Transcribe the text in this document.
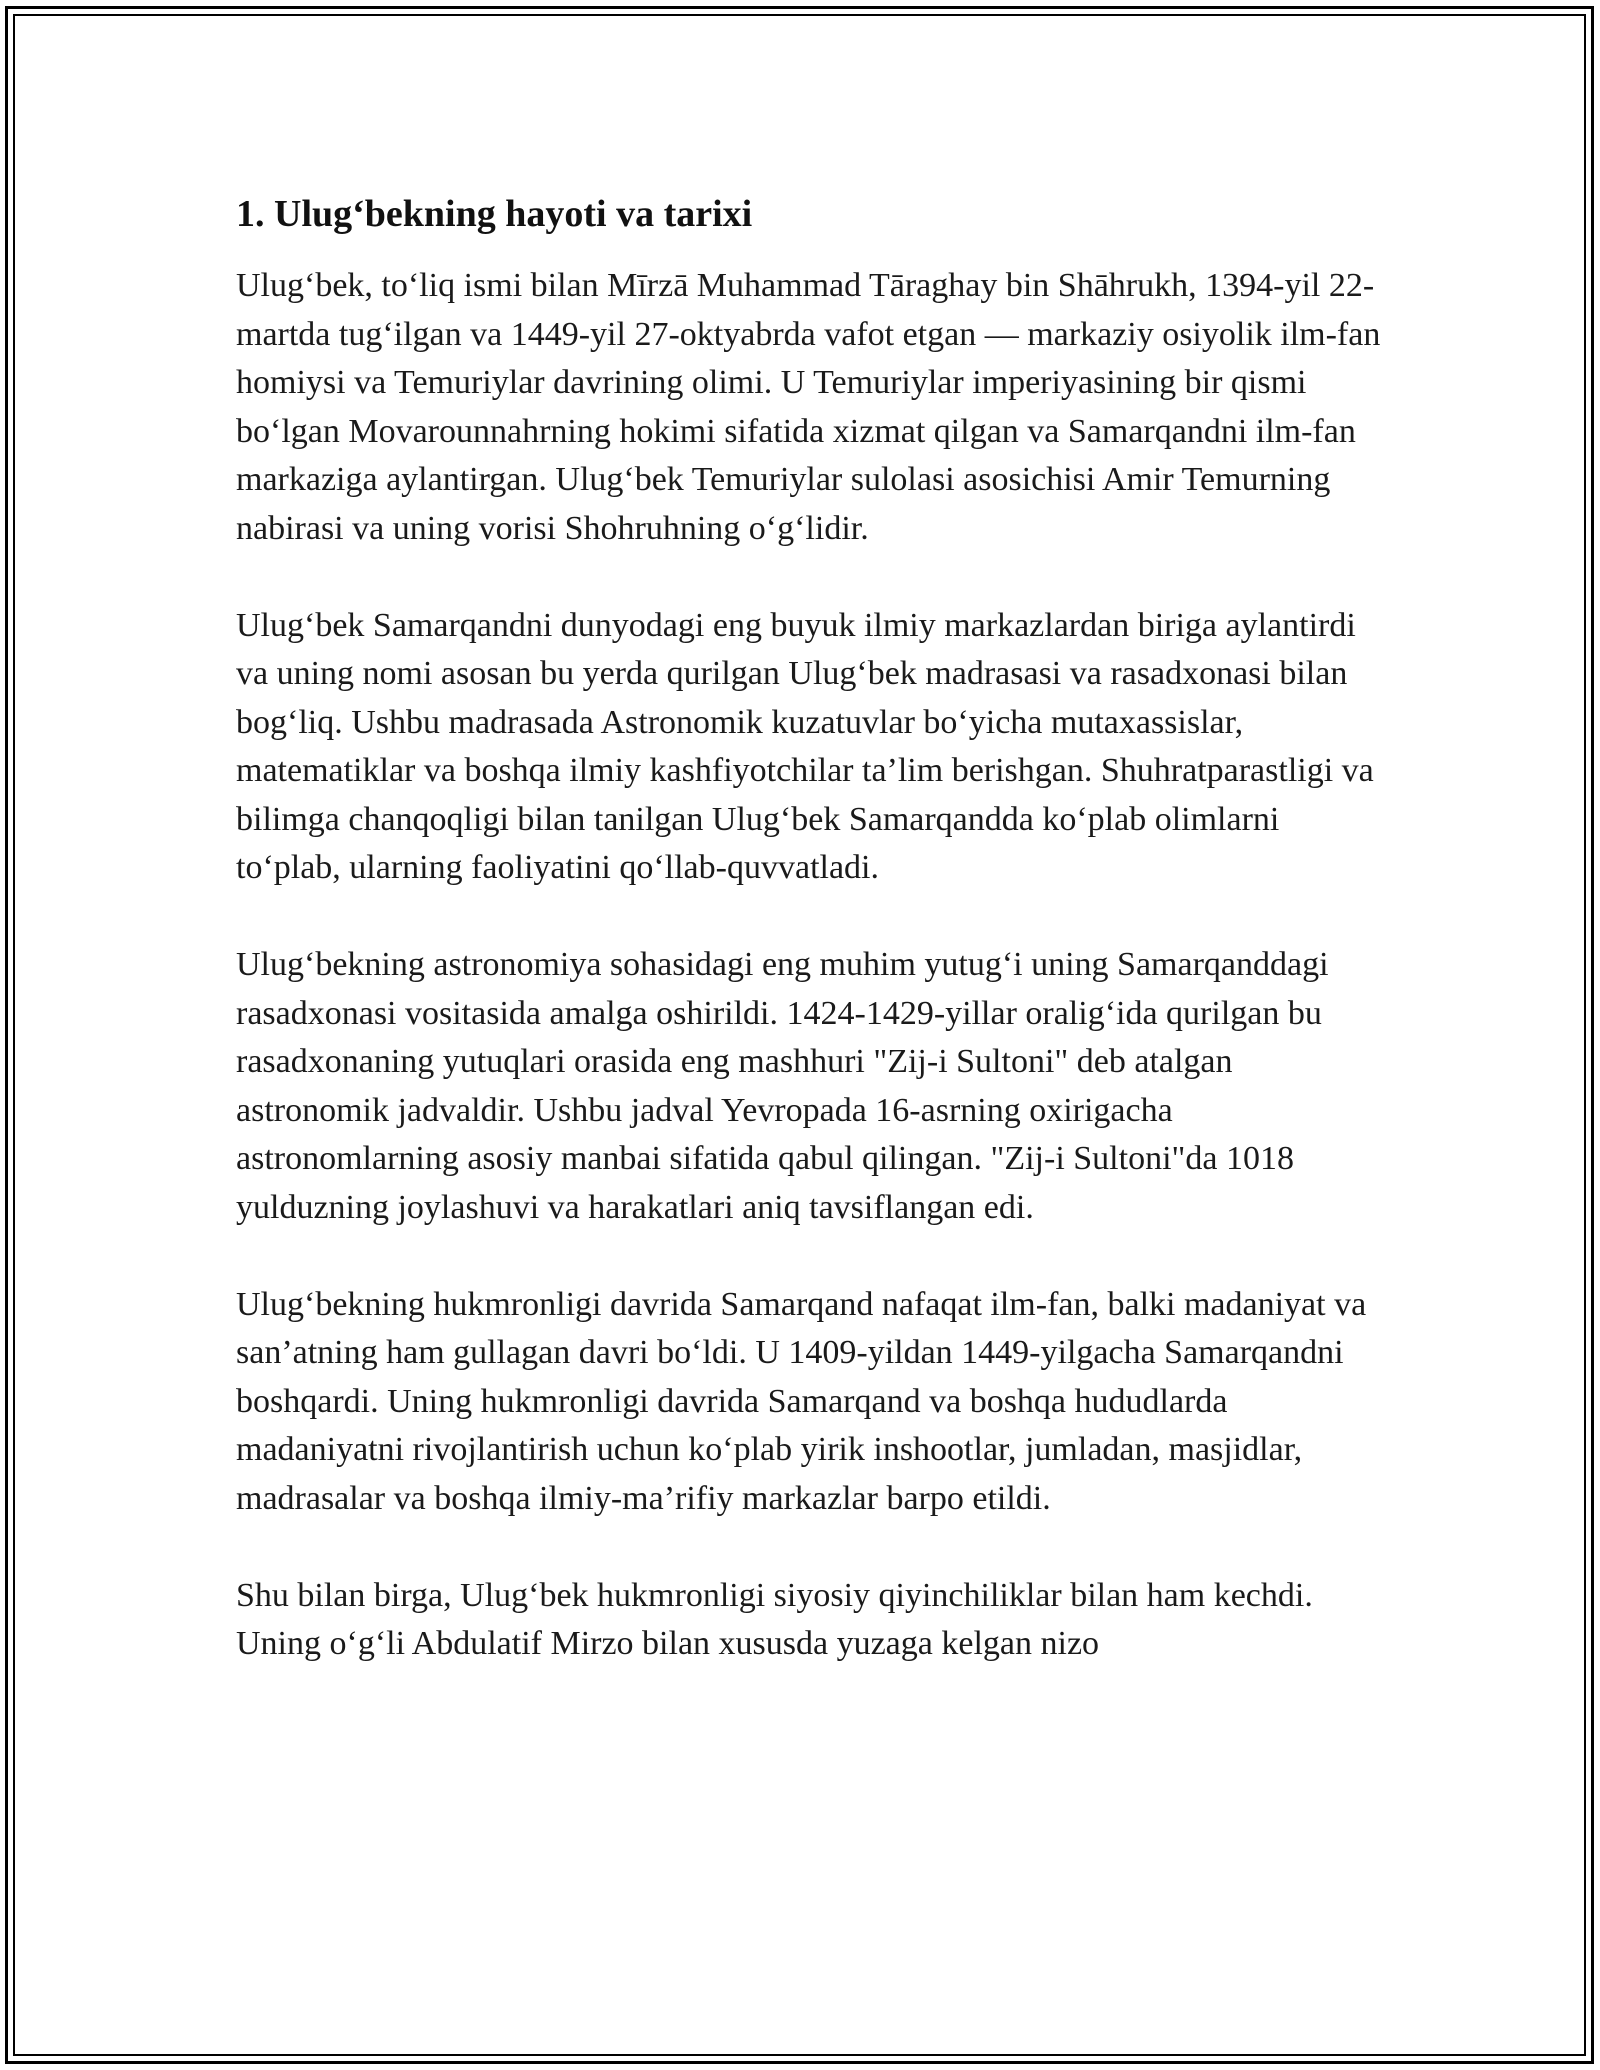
1. Ulug‘bekning hayoti va tarixi

Ulug‘bek, to‘liq ismi bilan Mīrzā Muhammad Tāraghay bin Shāhrukh, 1394-yil 22-martda tug‘ilgan va 1449-yil 27-oktyabrda vafot etgan — markaziy osiyolik ilm-fan homiysi va Temuriylar davrining olimi. U Temuriylar imperiyasining bir qismi bo‘lgan Movarounnahrning hokimi sifatida xizmat qilgan va Samarqandni ilm-fan markaziga aylantirgan. Ulug‘bek Temuriylar sulolasi asosichisi Amir Temurning nabirasi va uning vorisi Shohruhning o‘g‘lidir.

Ulug‘bek Samarqandni dunyodagi eng buyuk ilmiy markazlardan biriga aylantirdi va uning nomi asosan bu yerda qurilgan Ulug‘bek madrasasi va rasadxonasi bilan bog‘liq. Ushbu madrasada Astronomik kuzatuvlar bo‘yicha mutaxassislar, matematiklar va boshqa ilmiy kashfiyotchilar ta’lim berishgan. Shuhratparastligi va bilimga chanqoqligi bilan tanilgan Ulug‘bek Samarqandda ko‘plab olimlarni to‘plab, ularning faoliyatini qo‘llab-quvvatladi.

Ulug‘bekning astronomiya sohasidagi eng muhim yutug‘i uning Samarqanddagi rasadxonasi vositasida amalga oshirildi. 1424-1429-yillar oralig‘ida qurilgan bu rasadxonaning yutuqlari orasida eng mashhuri "Zij-i Sultoni" deb atalgan astronomik jadvaldir. Ushbu jadval Yevropada 16-asrning oxirigacha astronomlarning asosiy manbai sifatida qabul qilingan. "Zij-i Sultoni"da 1018 yulduzning joylashuvi va harakatlari aniq tavsiflangan edi.

Ulug‘bekning hukmronligi davrida Samarqand nafaqat ilm-fan, balki madaniyat va san’atning ham gullagan davri bo‘ldi. U 1409-yildan 1449-yilgacha Samarqandni boshqardi. Uning hukmronligi davrida Samarqand va boshqa hududlarda madaniyatni rivojlantirish uchun ko‘plab yirik inshootlar, jumladan, masjidlar, madrasalar va boshqa ilmiy-ma’rifiy markazlar barpo etildi.

Shu bilan birga, Ulug‘bek hukmronligi siyosiy qiyinchiliklar bilan ham kechdi. Uning o‘g‘li Abdulatif Mirzo bilan xususda yuzaga kelgan nizo
